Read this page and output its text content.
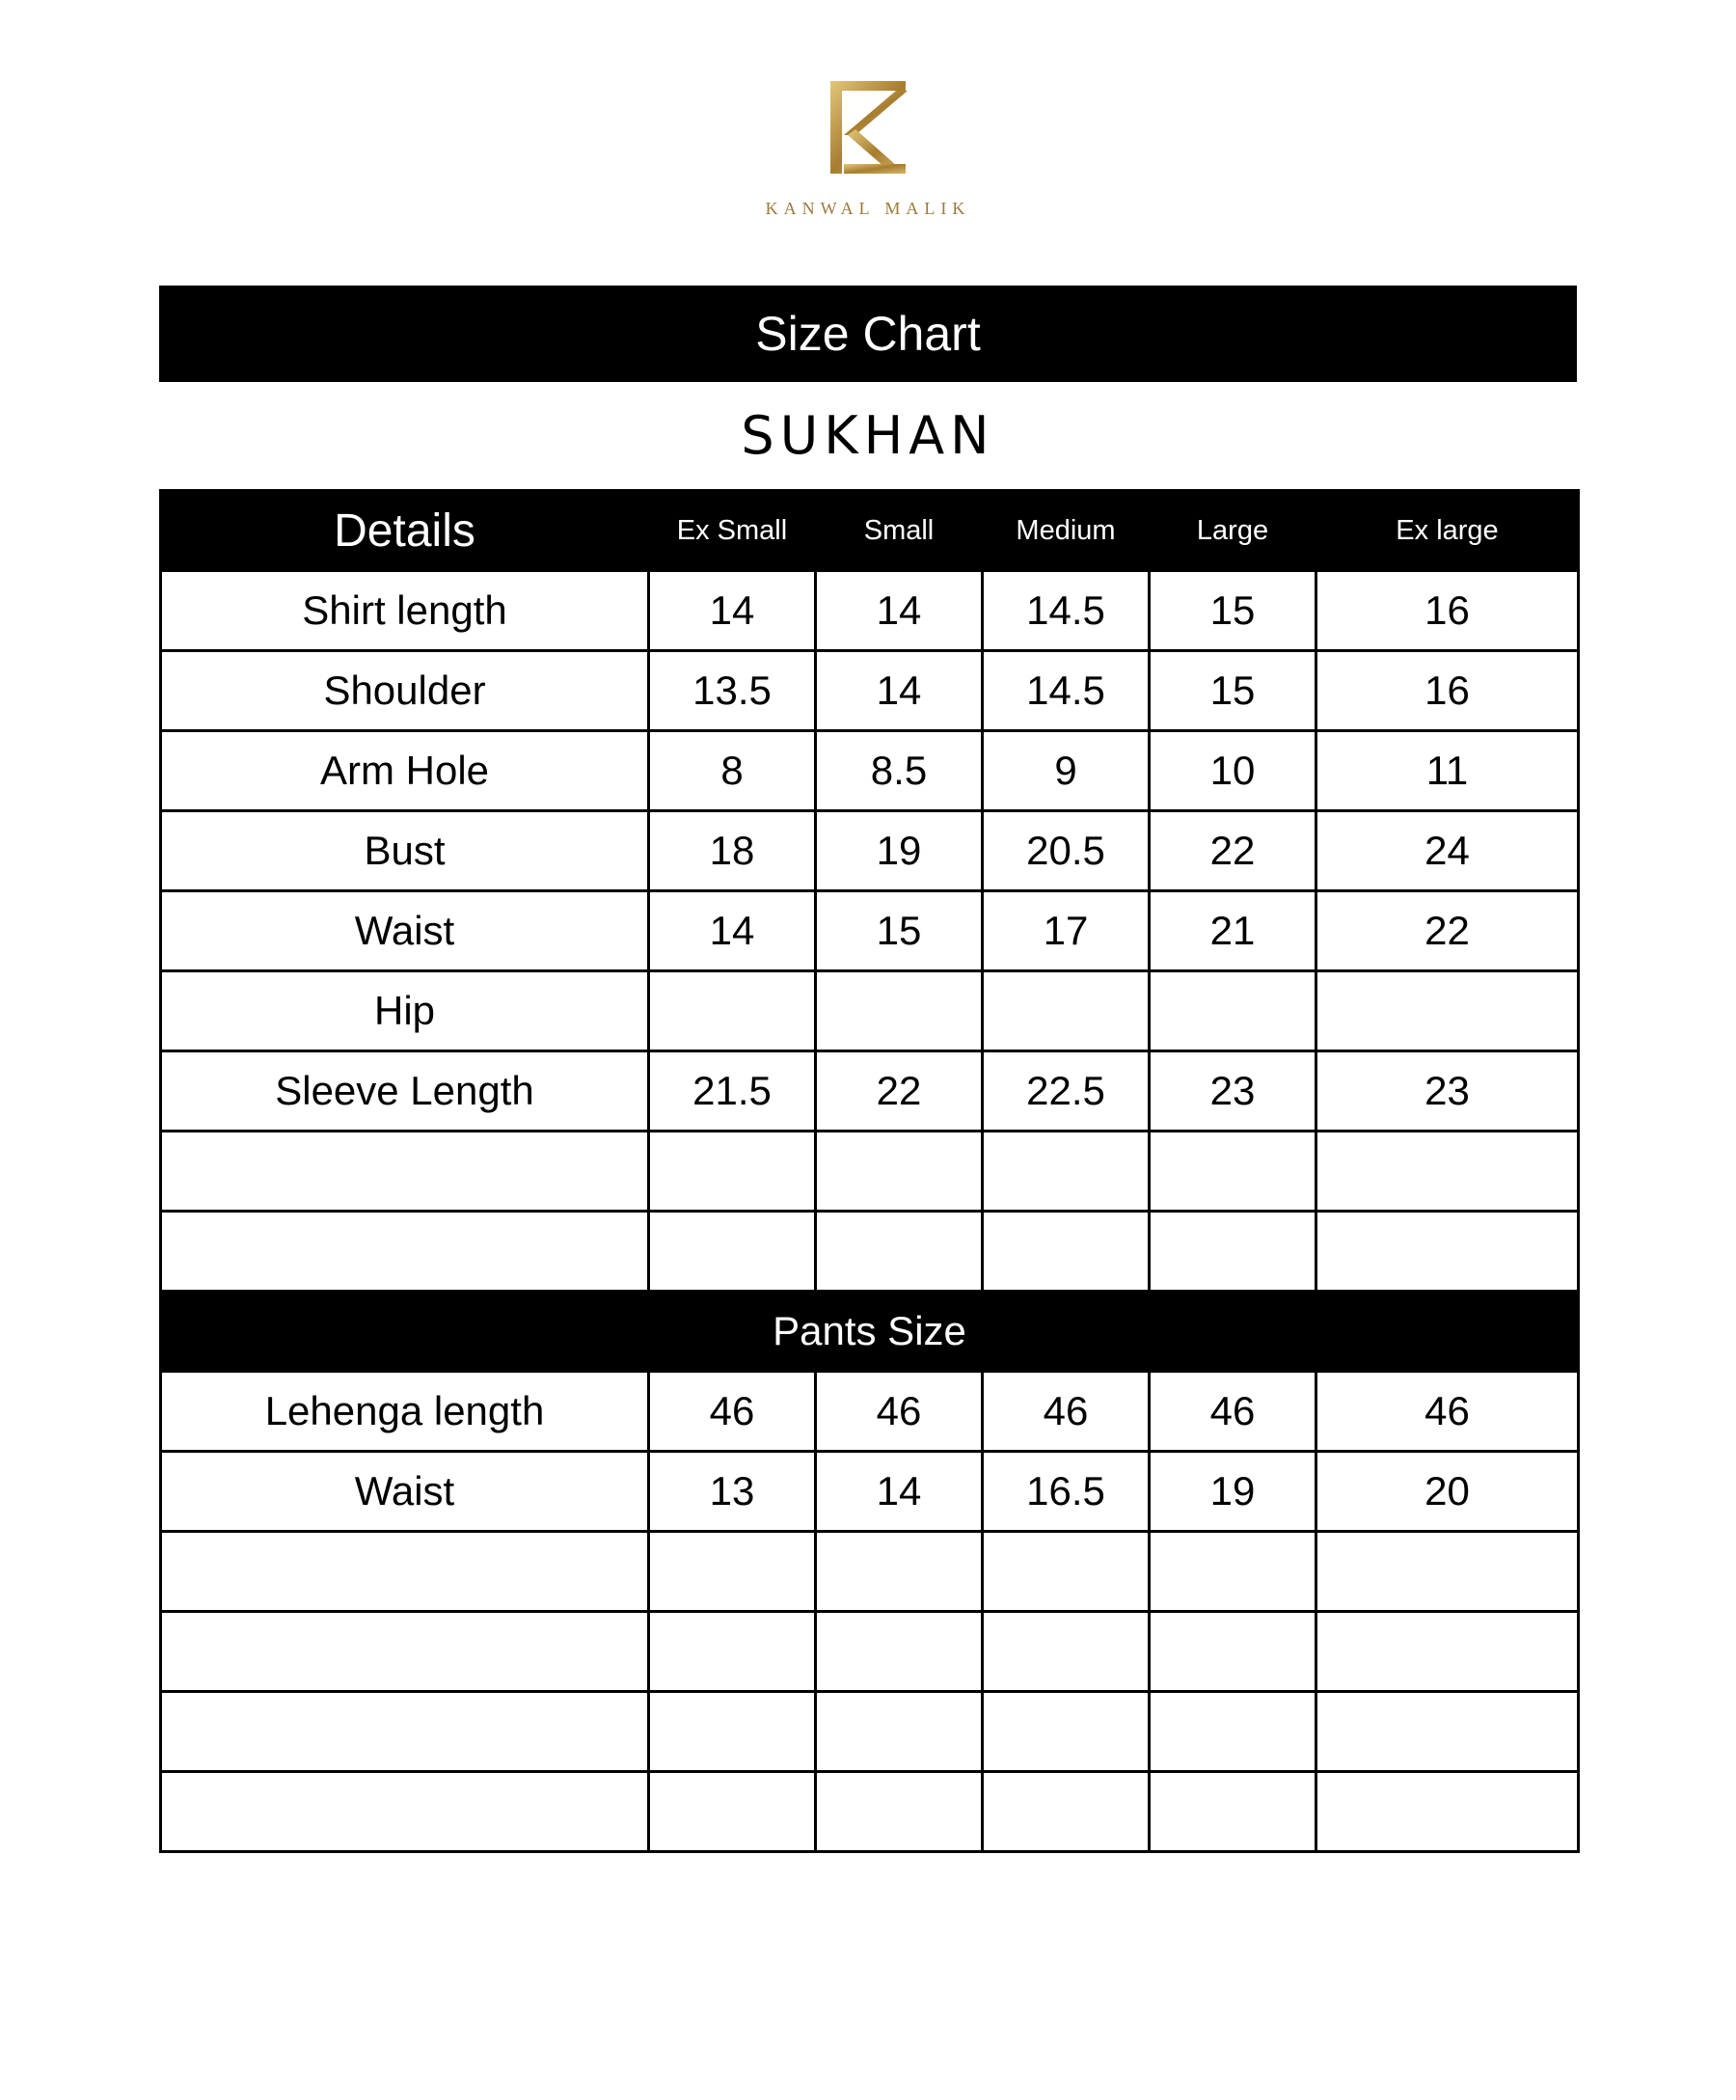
KANWAL MALIK
Size Chart
SUKHAN
Details	Ex Small	Small	Medium	Large	Ex large
Shirt length	14	14	14.5	15	16
Shoulder	13.5	14	14.5	15	16
Arm Hole	8	8.5	9	10	11
Bust	18	19	20.5	22	24
Waist	14	15	17	21	22
Hip					
Sleeve Length	21.5	22	22.5	23	23

Pants Size					
Lehenga length	46	46	46	46	46
Waist	13	14	16.5	19	20
